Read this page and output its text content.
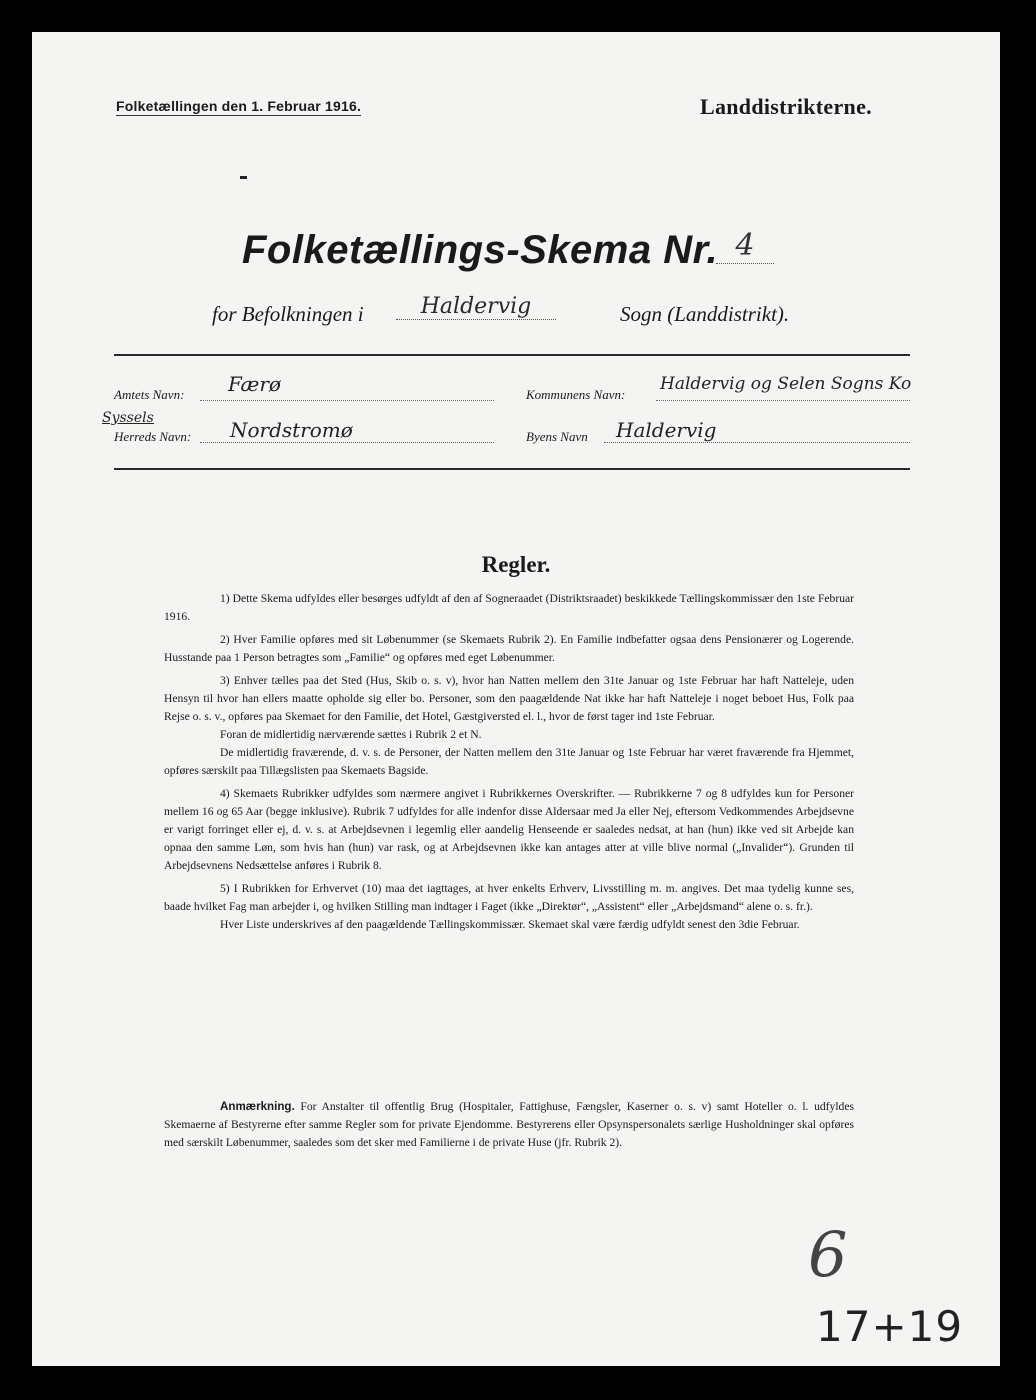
Folketællingen den 1. Februar 1916.	Landdistrikterne.
Folketællings-Skema Nr. 4
for Befolkningen i	Haldervig	Sogn (Landdistrikt).
Amtets Navn: Færø	Kommunens Navn:
Haldervig og Selen Sogns Ko
Syssels
Herreds Navn: Nordstromø	Byens Navn Haldervig
Regler.

1) Dette Skema udfyldes eller besørges udfyldt af den af Sogneraadet (Distriktsraadet) beskikkede Tællingskommissær den 1ste Februar 1916.

2) Hver Familie opføres med sit Løbenummer (se Skemaets Rubrik 2). En Familie indbefatter ogsaa dens Pensionærer og Logerende. Husstande paa 1 Person betragtes som „Familie“ og opføres med eget Løbenummer.

3) Enhver tælles paa det Sted (Hus, Skib o. s. v), hvor han Natten mellem den 31te Januar og 1ste Februar har haft Natteleje, uden Hensyn til hvor han ellers maatte opholde sig eller bo. Personer, som den paagældende Nat ikke har haft Natteleje i noget beboet Hus, Folk paa Rejse o. s. v., opføres paa Skemaet for den Familie, det Hotel, Gæstgiversted el. l., hvor de først tager ind 1ste Februar.

Foran de midlertidig nærværende sættes i Rubrik 2 et N.

De midlertidig fraværende, d. v. s. de Personer, der Natten mellem den 31te Januar og 1ste Februar har været fraværende fra Hjemmet, opføres særskilt paa Tillægslisten paa Skemaets Bagside.

4) Skemaets Rubrikker udfyldes som nærmere angivet i Rubrikkernes Overskrifter. — Rubrikkerne 7 og 8 udfyldes kun for Personer mellem 16 og 65 Aar (begge inklusive). Rubrik 7 udfyldes for alle indenfor disse Aldersaar med Ja eller Nej, eftersom Vedkommendes Arbejdsevne er varigt forringet eller ej, d. v. s. at Arbejdsevnen i legemlig eller aandelig Henseende er saaledes nedsat, at han (hun) ikke ved sit Arbejde kan opnaa den samme Løn, som hvis han (hun) var rask, og at Arbejdsevnen ikke kan antages atter at ville blive normal („Invalider“). Grunden til Arbejdsevnens Nedsættelse anføres i Rubrik 8.

5) I Rubrikken for Erhvervet (10) maa det iagttages, at hver enkelts Erhverv, Livsstilling m. m. angives. Det maa tydelig kunne ses, baade hvilket Fag man arbejder i, og hvilken Stilling man indtager i Faget (ikke „Direktør“, „Assistent“ eller „Arbejdsmand“ alene o. s. fr.).

Hver Liste underskrives af den paagældende Tællingskommissær. Skemaet skal være færdig udfyldt senest den 3die Februar.

Anmærkning. For Anstalter til offentlig Brug (Hospitaler, Fattighuse, Fængsler, Kaserner o. s. v) samt Hoteller o. l. udfyldes Skemaerne af Bestyrerne efter samme Regler som for private Ejendomme. Bestyrerens eller Opsynspersonalets særlige Husholdninger skal opføres med særskilt Løbenummer, saaledes som det sker med Familierne i de private Huse (jfr. Rubrik 2).

6
17+19
